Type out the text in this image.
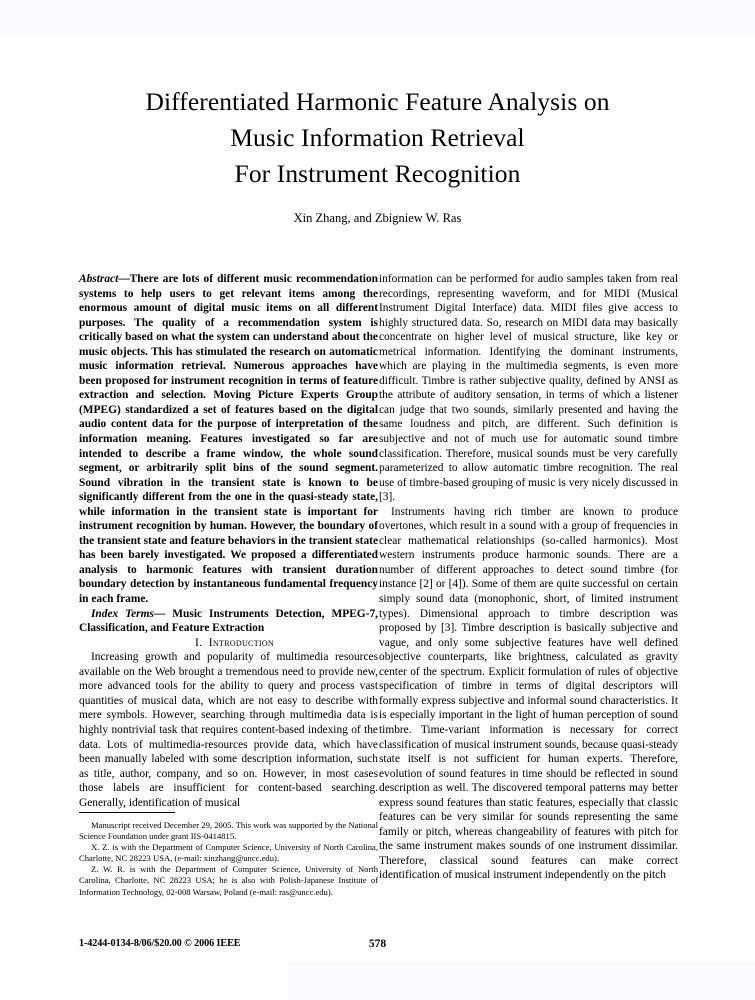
Differentiated Harmonic Feature Analysis on
Music Information Retrieval
For Instrument Recognition
Xin Zhang, and Zbigniew W. Ras

Abstract—There are lots of different music recommendation systems to help users to get relevant items among the enormous amount of digital music items on all different purposes. The quality of a recommendation system is critically based on what the system can understand about the music objects. This has stimulated the research on automatic music information retrieval. Numerous approaches have been proposed for instrument recognition in terms of feature extraction and selection. Moving Picture Experts Group (MPEG) standardized a set of features based on the digital audio content data for the purpose of interpretation of the information meaning. Features investigated so far are intended to describe a frame window, the whole sound segment, or arbitrarily split bins of the sound segment. Sound vibration in the transient state is known to be significantly different from the one in the quasi-steady state, while information in the transient state is important for instrument recognition by human. However, the boundary of the transient state and feature behaviors in the transient state has been barely investigated. We proposed a differentiated analysis to harmonic features with transient duration boundary detection by instantaneous fundamental frequency in each frame.

Index Terms— Music Instruments Detection, MPEG-7, Classification, and Feature Extraction

I. Introduction

Increasing growth and popularity of multimedia resources available on the Web brought a tremendous need to provide new, more advanced tools for the ability to query and process vast quantities of musical data, which are not easy to describe with mere symbols. However, searching through multimedia data is highly nontrivial task that requires content-based indexing of the data. Lots of multimedia-resources provide data, which have been manually labeled with some description information, such as title, author, company, and so on. However, in most cases those labels are insufficient for content-based searching. Generally, identification of musical

information can be performed for audio samples taken from real recordings, representing waveform, and for MIDI (Musical Instrument Digital Interface) data. MIDI files give access to highly structured data. So, research on MIDI data may basically concentrate on higher level of musical structure, like key or metrical information. Identifying the dominant instruments, which are playing in the multimedia segments, is even more difficult. Timbre is rather subjective quality, defined by ANSI as the attribute of auditory sensation, in terms of which a listener can judge that two sounds, similarly presented and having the same loudness and pitch, are different. Such definition is subjective and not of much use for automatic sound timbre classification. Therefore, musical sounds must be very carefully parameterized to allow automatic timbre recognition. The real use of timbre-based grouping of music is very nicely discussed in [3].

Instruments having rich timber are known to produce overtones, which result in a sound with a group of frequencies in clear mathematical relationships (so-called harmonics). Most western instruments produce harmonic sounds. There are a number of different approaches to detect sound timbre (for instance [2] or [4]). Some of them are quite successful on certain simply sound data (monophonic, short, of limited instrument types). Dimensional approach to timbre description was proposed by [3]. Timbre description is basically subjective and vague, and only some subjective features have well defined objective counterparts, like brightness, calculated as gravity center of the spectrum. Explicit formulation of rules of objective specification of timbre in terms of digital descriptors will formally express subjective and informal sound characteristics. It is especially important in the light of human perception of sound timbre. Time-variant information is necessary for correct classification of musical instrument sounds, because quasi-steady state itself is not sufficient for human experts. Therefore, evolution of sound features in time should be reflected in sound description as well. The discovered temporal patterns may better express sound features than static features, especially that classic features can be very similar for sounds representing the same family or pitch, whereas changeability of features with pitch for the same instrument makes sounds of one instrument dissimilar. Therefore, classical sound features can make correct identification of musical instrument independently on the pitch

Manuscript received December 29, 2005. This work was supported by the National Science Foundation under grant IIS-0414815.

X. Z. is with the Department of Computer Science, University of North Carolina, Charlotte, NC 28223 USA, (e-mail: xinzhang@uncc.edu).

Z. W. R. is with the Department of Computer Science, University of North Carolina, Charlotte, NC 28223 USA; he is also with Polish-Japanese Institute of Information Technology, 02-008 Warsaw, Poland (e-mail: ras@uncc.edu).

1-4244-0134-8/06/$20.00 © 2006 IEEE	578
